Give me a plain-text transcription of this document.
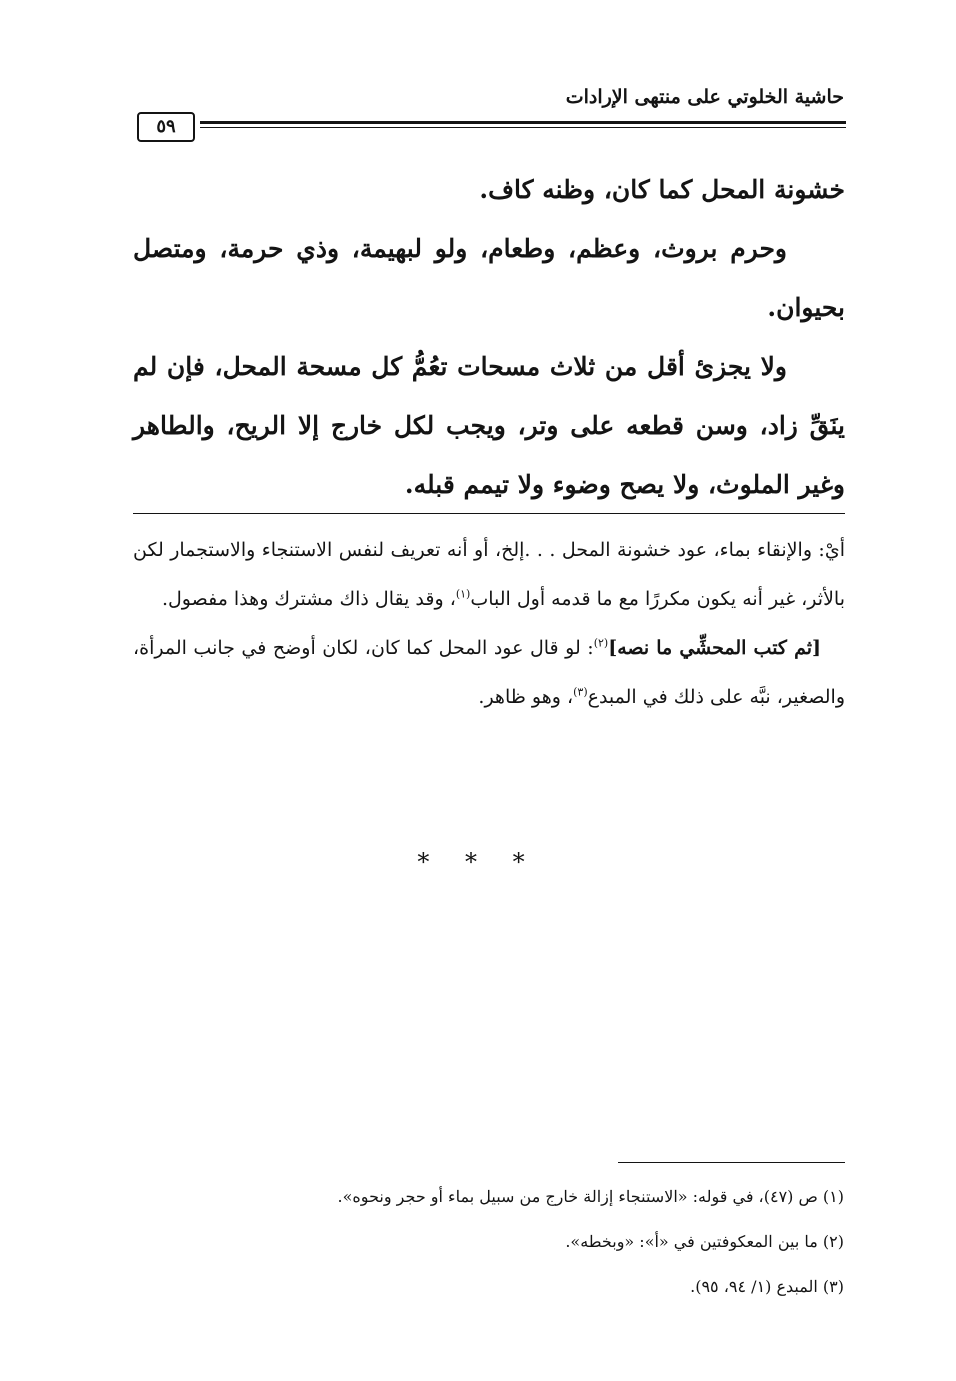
حاشية الخلوتي على منتهى الإرادات
٥٩

خشونة المحل كما كان، وظنه كاف.

وحرم بروث، وعظم، وطعام، ولو لبهيمة، وذي حرمة، ومتصل بحيوان.

ولا يجزئ أقل من ثلاث مسحات تعُمُّ كل مسحة المحل، فإن لم ينَقِّ زاد، وسن قطعه على وتر، ويجب لكل خارج إلا الريح، والطاهر وغير الملوث، ولا يصح وضوء ولا تيمم قبله.

أيْ: والإنقاء بماء، عود خشونة المحل . . .إلخ، أو أنه تعريف لنفس الاستنجاء والاستجمار لكن بالأثر، غير أنه يكون مكررًا مع ما قدمه أول الباب$^{(١)}$، وقد يقال ذاك مشترك وهذا مفصول.

[ثم كتب المحشِّي ما نصه]$^{(٢)}$: لو قال عود المحل كما كان، لكان أوضح في جانب المرأة، والصغير، نبَّه على ذلك في المبدع$^{(٣)}$، وهو ظاهر.

* * *

(١) ص (٤٧)، في قوله: «الاستنجاء إزالة خارج من سبيل بماء أو حجر ونحوه».

(٢) ما بين المعكوفتين في «أ»: «وبخطه».

(٣) المبدع (١/ ٩٤، ٩٥).
